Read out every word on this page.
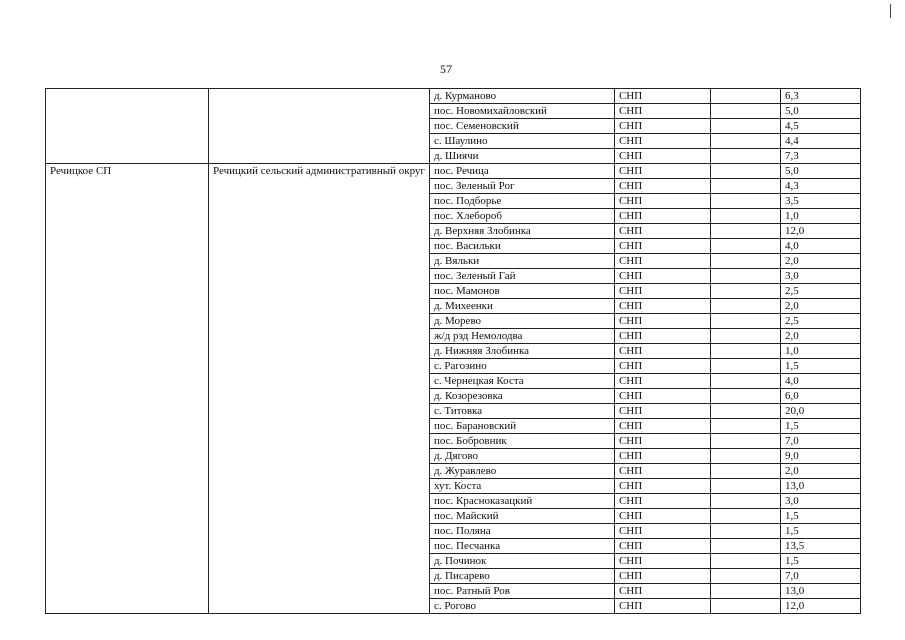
57
		д. Курманово	СНП		6,3
		пос. Новомихайловский	СНП		5,0
		пос. Семеновский	СНП		4,5
		с. Шаулино	СНП		4,4
		д. Шиячи	СНП		7,3
Речицкое СП	Речицкий сельский административный округ	пос. Речица	СНП		5,0
		пос. Зеленый Рог	СНП		4,3
		пос. Подборье	СНП		3,5
		пос. Хлебороб	СНП		1,0
		д. Верхняя Злобинка	СНП		12,0
		пос. Васильки	СНП		4,0
		д. Вяльки	СНП		2,0
		пос. Зеленый Гай	СНП		3,0
		пос. Мамонов	СНП		2,5
		д. Михеенки	СНП		2,0
		д. Морево	СНП		2,5
		ж/д рзд Немолодва	СНП		2,0
		д. Нижняя Злобинка	СНП		1,0
		с. Рагозино	СНП		1,5
		с. Чернецкая Коста	СНП		4,0
		д. Козорезовка	СНП		6,0
		с. Титовка	СНП		20,0
		пос. Барановский	СНП		1,5
		пос. Бобровник	СНП		7,0
		д. Дягово	СНП		9,0
		д. Журавлево	СНП		2,0
		хут. Коста	СНП		13,0
		пос. Красноказацкий	СНП		3,0
		пос. Майский	СНП		1,5
		пос. Поляна	СНП		1,5
		пос. Песчанка	СНП		13,5
		д. Починок	СНП		1,5
		д. Писарево	СНП		7,0
		пос. Ратный Ров	СНП		13,0
		с. Рогово	СНП		12,0
